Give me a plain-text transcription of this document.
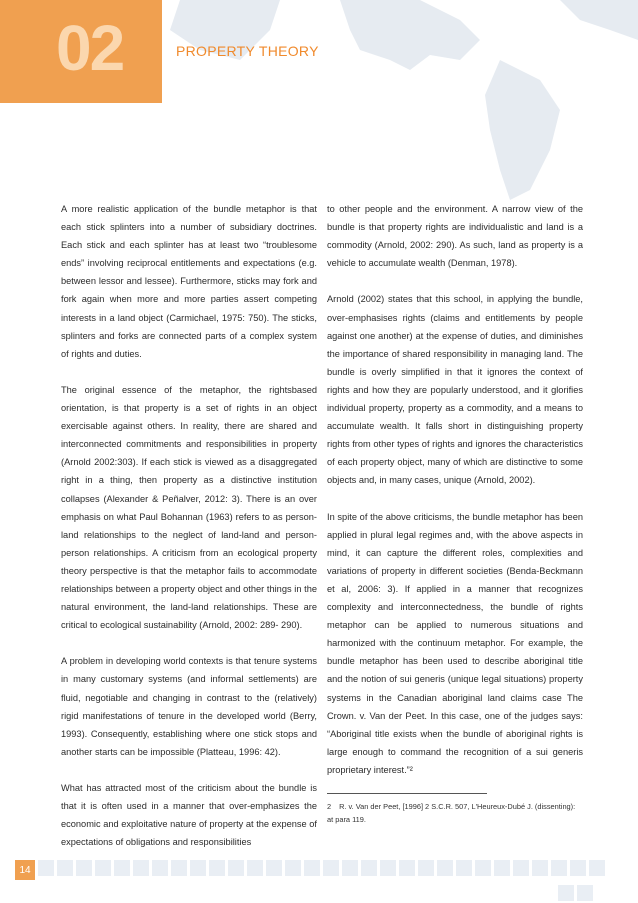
02	PROPERTY THEORY

A more realistic application of the bundle metaphor is that each stick splinters into a number of subsidiary doctrines. Each stick and each splinter has at least two “troublesome ends” involving reciprocal entitlements and expectations (e.g. between lessor and lessee). Furthermore, sticks may fork and fork again when more and more parties assert competing interests in a land object (Carmichael, 1975: 750). The sticks, splinters and forks are connected parts of a complex system of rights and duties.

The original essence of the metaphor, the rightsbased orientation, is that property is a set of rights in an object exercisable against others. In reality, there are shared and interconnected commitments and responsibilities in property (Arnold 2002:303). If each stick is viewed as a disaggregated right in a thing, then property as a distinctive institution collapses (Alexander & Peñalver, 2012: 3). There is an over emphasis on what Paul Bohannan (1963) refers to as person-land relationships to the neglect of land-land and person-person relationships. A criticism from an ecological property theory perspective is that the metaphor fails to accommodate relationships between a property object and other things in the natural environment, the land-land relationships. These are critical to ecological sustainability (Arnold, 2002: 289- 290).

A problem in developing world contexts is that tenure systems in many customary systems (and informal settlements) are fluid, negotiable and changing in contrast to the (relatively) rigid manifestations of tenure in the developed world (Berry, 1993). Consequently, establishing where one stick stops and another starts can be impossible (Platteau, 1996: 42).

What has attracted most of the criticism about the bundle is that it is often used in a manner that over-emphasizes the economic and exploitative nature of property at the expense of expectations of obligations and responsibilities

to other people and the environment. A narrow view of the bundle is that property rights are individualistic and land is a commodity (Arnold, 2002: 290). As such, land as property is a vehicle to accumulate wealth (Denman, 1978).

Arnold (2002) states that this school, in applying the bundle, over-emphasises rights (claims and entitlements by people against one another) at the expense of duties, and diminishes the importance of shared responsibility in managing land. The bundle is overly simplified in that it ignores the context of rights and how they are popularly understood, and it glorifies individual property, property as a commodity, and a means to accumulate wealth. It falls short in distinguishing property rights from other types of rights and ignores the characteristics of each property object, many of which are distinctive to some objects and, in many cases, unique (Arnold, 2002).

In spite of the above criticisms, the bundle metaphor has been applied in plural legal regimes and, with the above aspects in mind, it can capture the different roles, complexities and variations of property in different societies (Benda-Beckmann et al, 2006: 3). If applied in a manner that recognizes complexity and interconnectedness, the bundle of rights metaphor can be applied to numerous situations and harmonized with the continuum metaphor. For example, the bundle metaphor has been used to describe aboriginal title and the notion of sui generis (unique legal situations) property systems in the Canadian aboriginal land claims case The Crown. v. Van der Peet. In this case, one of the judges says: “Aboriginal title exists when the bundle of aboriginal rights is large enough to command the recognition of a sui generis proprietary interest.”²

2 R. v. Van der Peet, [1996] 2 S.C.R. 507, L'Heureux-Dubé J. (dissenting): at para 119.
14
